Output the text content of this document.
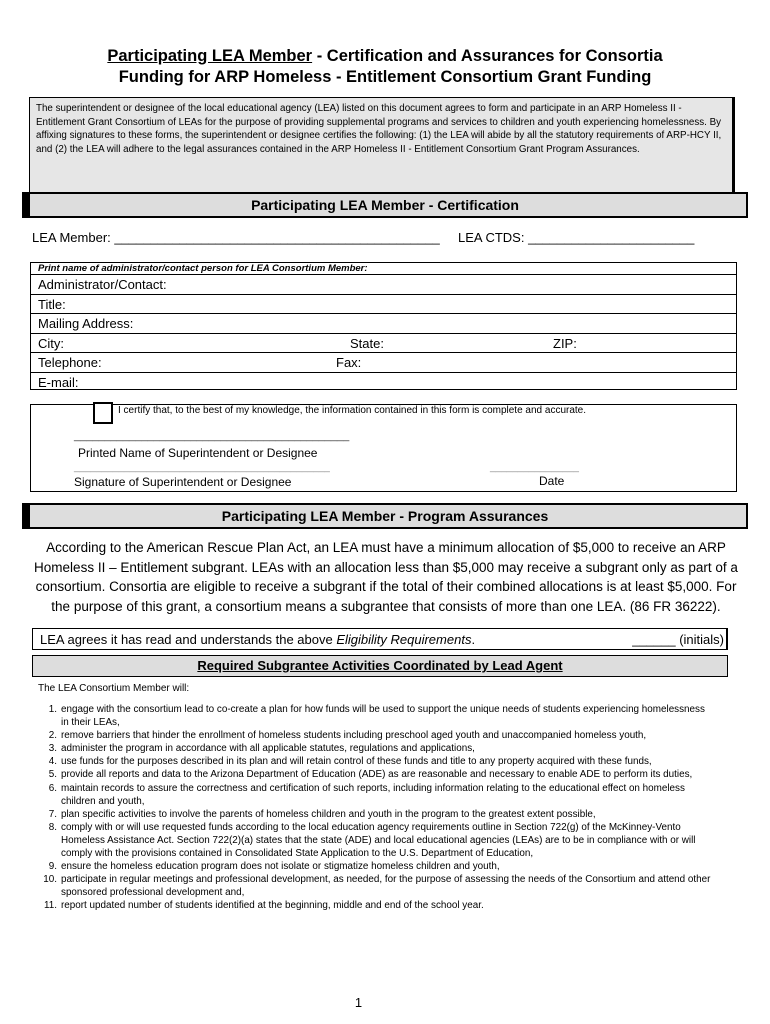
Participating LEA Member - Certification and Assurances for Consortia
Funding for ARP Homeless - Entitlement Consortium Grant Funding
The superintendent or designee of the local educational agency (LEA) listed on this document agrees to form and participate in an ARP Homeless II - Entitlement Grant Consortium of LEAs for the purpose of providing supplemental programs and services to children and youth experiencing homelessness. By affixing signatures to these forms, the superintendent or designee certifies the following: (1) the LEA will abide by all the statutory requirements of ARP-HCY II, and (2) the LEA will adhere to the legal assurances contained in the ARP Homeless II - Entitlement Consortium Grant Program Assurances.
Participating LEA Member - Certification
LEA Member: _____________________________________________ LEA CTDS: _______________________
Print name of administrator/contact person for LEA Consortium Member:
Administrator/Contact:
Title:
Mailing Address:
City:	State:	ZIP:
Telephone:	Fax:
E-mail:
I certify that, to the best of my knowledge, the information contained in this form is complete and accurate.
_____________________________________________
Printed Name of Superintendent or Designee
______________________________________________
Signature of Superintendent or Designee
________________
Date
Participating LEA Member - Program Assurances
According to the American Rescue Plan Act, an LEA must have a minimum allocation of $5,000 to receive an ARP Homeless II – Entitlement subgrant. LEAs with an allocation less than $5,000 may receive a subgrant only as part of a consortium. Consortia are eligible to receive a subgrant if the total of their combined allocations is at least $5,000. For the purpose of this grant, a consortium means a subgrantee that consists of more than one LEA. (86 FR 36222).
LEA agrees it has read and understands the above Eligibility Requirements.	______ (initials)
Required Subgrantee Activities Coordinated by Lead Agent
The LEA Consortium Member will:
1. engage with the consortium lead to co-create a plan for how funds will be used to support the unique needs of students experiencing homelessness in their LEAs,
2. remove barriers that hinder the enrollment of homeless students including preschool aged youth and unaccompanied homeless youth,
3. administer the program in accordance with all applicable statutes, regulations and applications,
4. use funds for the purposes described in its plan and will retain control of these funds and title to any property acquired with these funds,
5. provide all reports and data to the Arizona Department of Education (ADE) as are reasonable and necessary to enable ADE to perform its duties,
6. maintain records to assure the correctness and certification of such reports, including information relating to the educational effect on homeless children and youth,
7. plan specific activities to involve the parents of homeless children and youth in the program to the greatest extent possible,
8. comply with or will use requested funds according to the local education agency requirements outline in Section 722(g) of the McKinney-Vento Homeless Assistance Act. Section 722(2)(a) states that the state (ADE) and local educational agencies (LEAs) are to be in compliance with or will comply with the provisions contained in Consolidated State Application to the U.S. Department of Education,
9. ensure the homeless education program does not isolate or stigmatize homeless children and youth,
10. participate in regular meetings and professional development, as needed, for the purpose of assessing the needs of the Consortium and attend other sponsored professional development and,
11. report updated number of students identified at the beginning, middle and end of the school year.
1
